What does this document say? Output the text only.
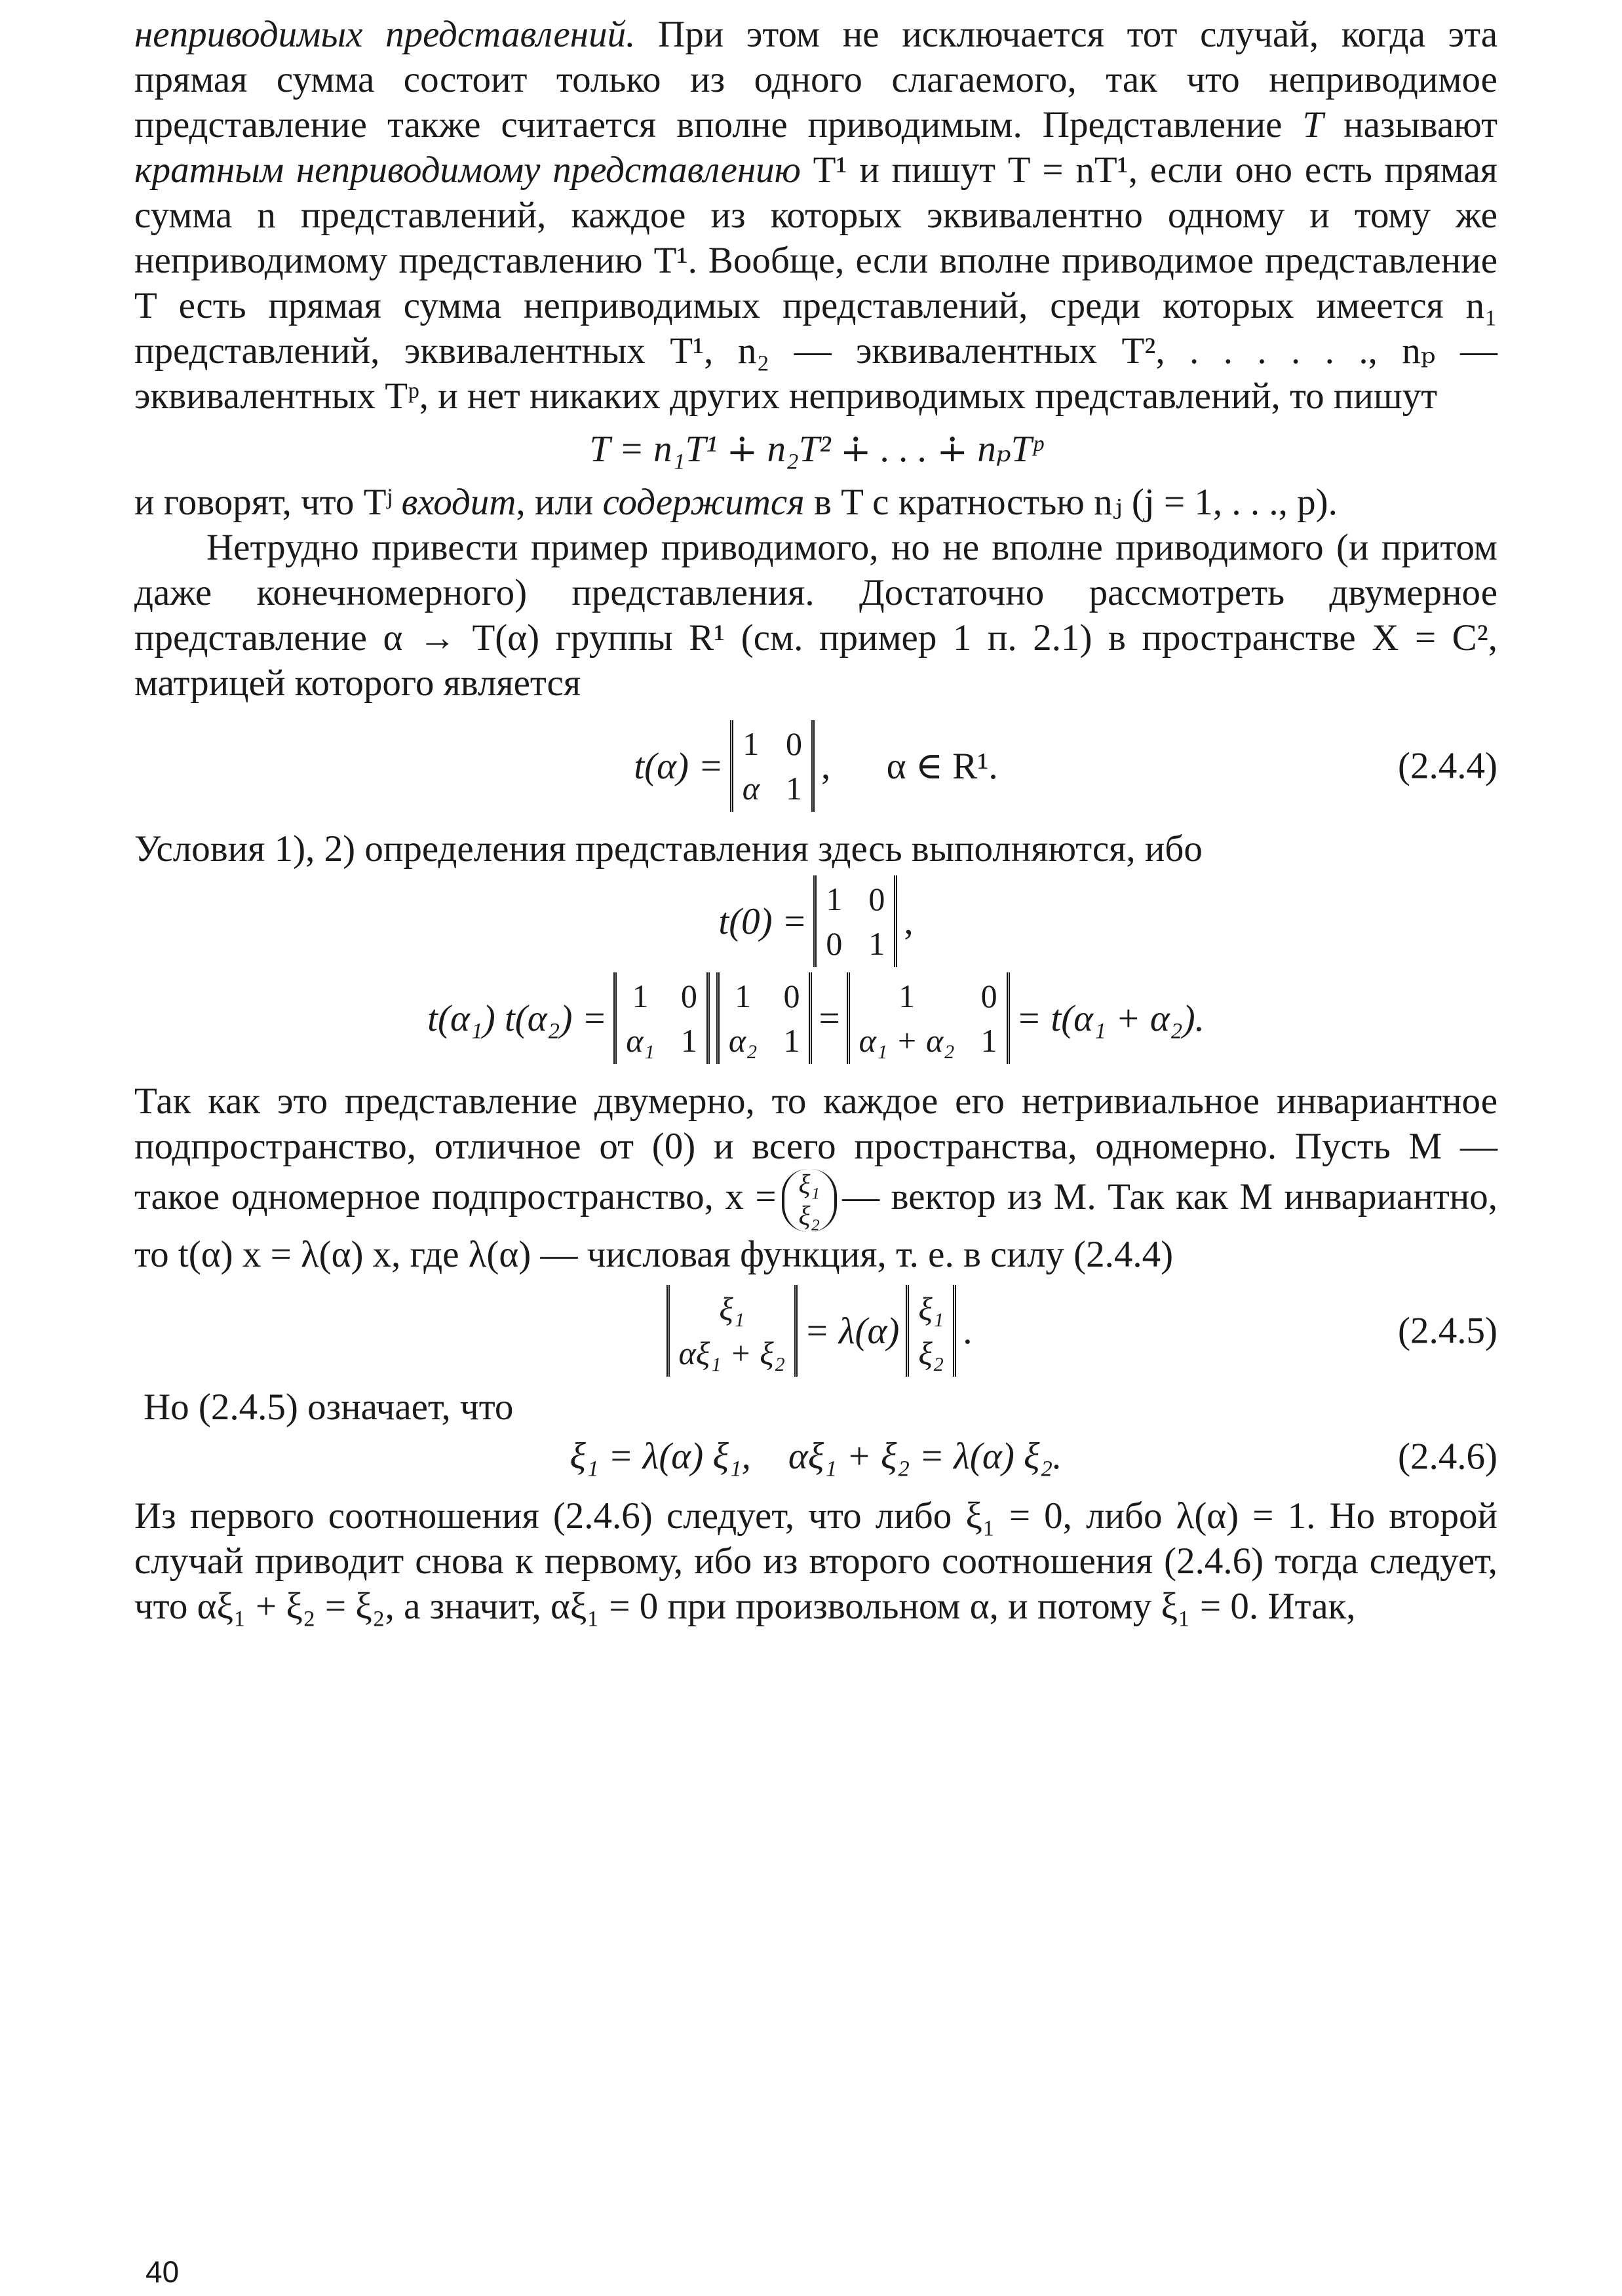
неприводимых представлений. При этом не исключается тот случай, когда эта прямая сумма состоит только из одного слагаемого, так что неприводимое представление также считается вполне приводимым. Представление T называют кратным неприводимому представлению T¹ и пишут T = nT¹, если оно есть прямая сумма n представлений, каждое из которых эквивалентно одному и тому же неприводимому представлению T¹. Вообще, если вполне приводимое представление T есть прямая сумма неприводимых представлений, среди которых имеется n₁ представлений, эквивалентных T¹, n₂ — эквивалентных T², . . . . . ., nₚ — эквивалентных Tᵖ, и нет никаких других неприводимых представлений, то пишут

T = n₁T¹ ∔ n₂T² ∔ . . . ∔ nₚTᵖ

и говорят, что Tʲ входит, или содержится в T с кратностью nⱼ (j = 1, . . ., p).

Нетрудно привести пример приводимого, но не вполне приводимого (и притом даже конечномерного) представления. Достаточно рассмотреть двумерное представление α → T(α) группы R¹ (см. пример 1 п. 2.1) в пространстве X = C², матрицей которого является

t(α) =
1 0
α 1
,      α ∈ R¹.	(2.4.4)

Условия 1), 2) определения представления здесь выполняются, ибо

t(0) =
1 0
0 1
,
t(α₁) t(α₂) =
1 0
α₁ 1
1 0
α₂ 1
=
1	0
α₁ + α₂ 1
= t(α₁ + α₂).

Так как это представление двумерно, то каждое его нетривиальное инвариантное подпространство, отличное от (0) и всего пространства, одномерно. Пусть M — такое одномерное подпространство, x = ξ₁
ξ₂ — вектор из M. Так как M инвариантно, то t(α) x = λ(α) x, где λ(α) — числовая функция, т. е. в силу (2.4.4)

ξ₁
αξ₁ + ξ₂
= λ(α)
ξ₁
ξ₂
.	(2.4.5)

Но (2.4.5) означает, что

ξ₁ = λ(α) ξ₁,    αξ₁ + ξ₂ = λ(α) ξ₂.	(2.4.6)

Из первого соотношения (2.4.6) следует, что либо ξ₁ = 0, либо λ(α) = 1. Но второй случай приводит снова к первому, ибо из второго соотношения (2.4.6) тогда следует, что αξ₁ + ξ₂ = ξ₂, а значит, αξ₁ = 0 при произвольном α, и потому ξ₁ = 0. Итак,

40
